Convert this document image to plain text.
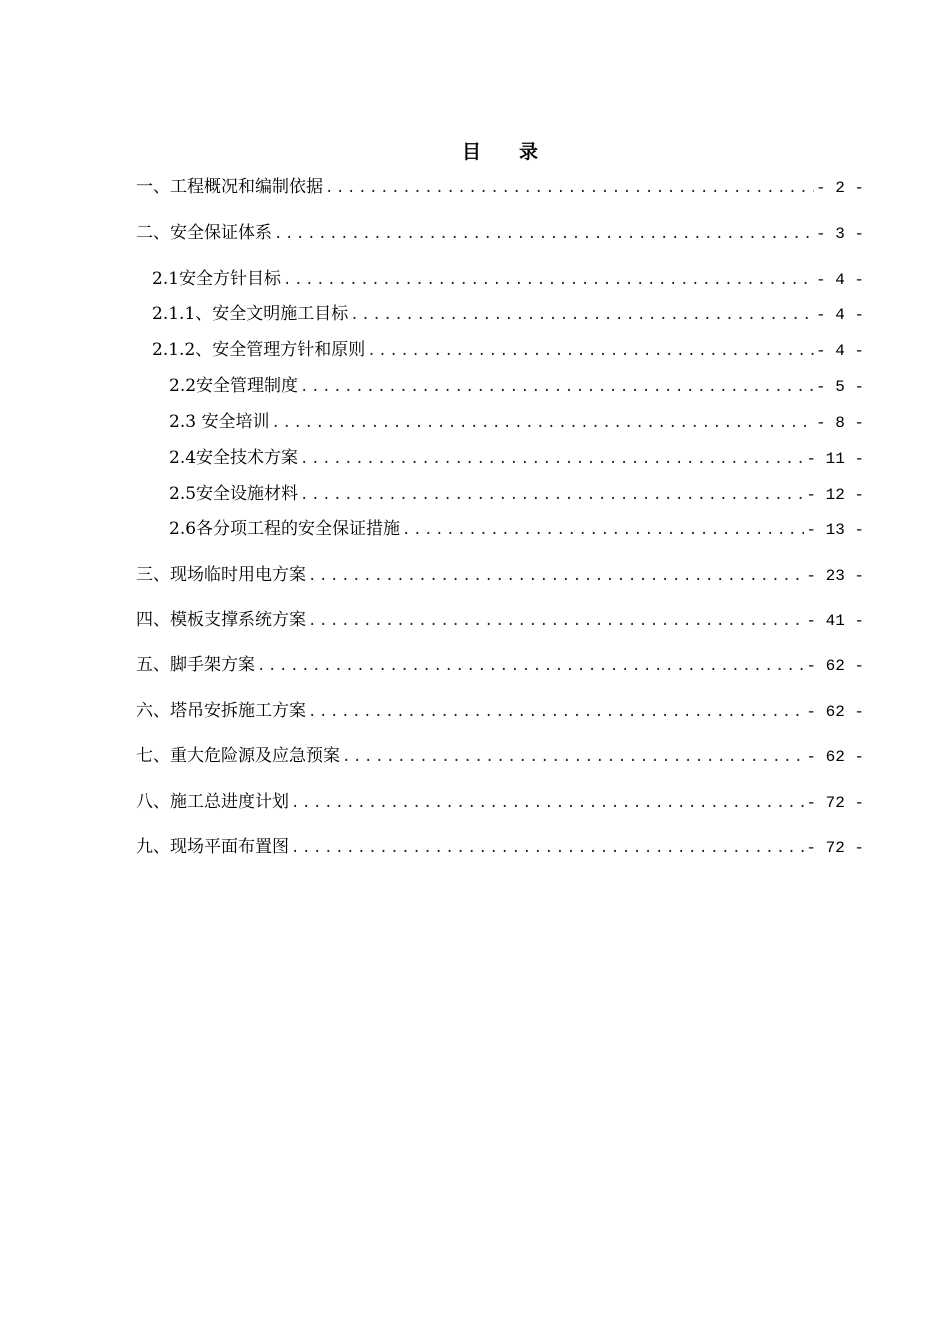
目 录
一、工程概况和编制依据 .....	- 2 -
二、安全保证体系 .....	- 3 -
2.1安全方针目标 .....	- 4 -
2.1.1、安全文明施工目标 .....	- 4 -
2.1.2、安全管理方针和原则 .....	- 4 -
2.2安全管理制度 .....	- 5 -
2.3 安全培训 .....	- 8 -
2.4安全技术方案 .....	- 11 -
2.5安全设施材料 .....	- 12 -
2.6各分项工程的安全保证措施 .....	- 13 -
三、现场临时用电方案 .....	- 23 -
四、模板支撑系统方案 .....	- 41 -
五、脚手架方案 .....	- 62 -
六、塔吊安拆施工方案 .....	- 62 -
七、重大危险源及应急预案 .....	- 62 -
八、施工总进度计划 .....	- 72 -
九、现场平面布置图 .....	- 72 -
